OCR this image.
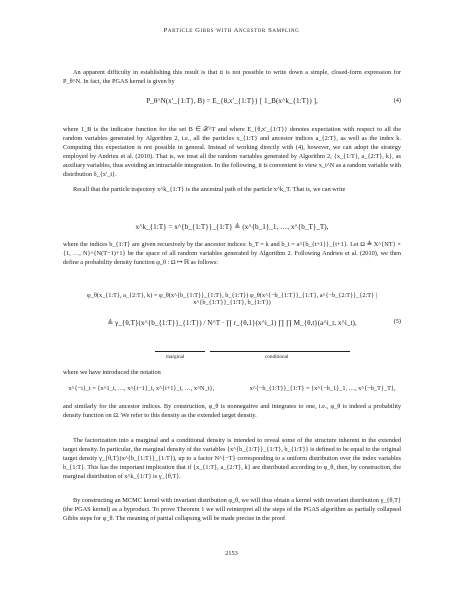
Particle Gibbs with Ancestor Sampling

An apparent difficulty in establishing this result is that it is not possible to write down a simple, closed-form expression for P_θ^N. In fact, the PGAS kernel is given by

P_θ^N(x′_{1:T}, B) = E_{θ,x′_{1:T}} [ 1_B(x^k_{1:T}) ],	(4)

where 1_B is the indicator function for the set B ∈ 𝒳^T and where E_{θ,x′_{1:T}} denotes expectation with respect to all the random variables generated by Algorithm 2, i.e., all the particles x_{1:T} and ancestor indices a_{2:T}, as well as the index k. Computing this expectation is not possible in general. Instead of working directly with (4), however, we can adopt the strategy employed by Andrieu et al. (2010). That is, we treat all the random variables generated by Algorithm 2, {x_{1:T}, a_{2:T}, k}, as auxiliary variables, thus avoiding an intractable integration. In the following, it is convenient to view x_t^N as a random variable with distribution δ_{x′_t}.

Recall that the particle trajectory x^k_{1:T} is the ancestral path of the particle x^k_T. That is, we can write

x^k_{1:T} = x^{b_{1:T}}_{1:T} ≜ (x^{b_1}_1, …, x^{b_T}_T),

where the indices b_{1:T} are given recursively by the ancestor indices: b_T = k and b_t = a^{b_{t+1}}_{t+1}. Let Ω ≜ X^{NT} × {1, …, N}^{N(T−1)+1} be the space of all random variables generated by Algorithm 2. Following Andrieu et al. (2010), we then define a probability density function φ_θ : Ω ↦ ℝ as follows:

φ_θ(x_{1:T}, a_{2:T}, k) = φ_θ(x^{b_{1:T}}_{1:T}, b_{1:T}) φ_θ(x^{−b_{1:T}}_{1:T}, a^{−b_{2:T}}_{2:T} | x^{b_{1:T}}_{1:T}, b_{1:T})
≜ γ_{θ,T}(x^{b_{1:T}}_{1:T}) / N^T · ∏ r_{θ,1}(x^i_1) ∏ ∏ M_{θ,t}(a^i_t, x^i_t),	(5)
marginal	conditional

where we have introduced the notation

x^{−i}_t = {x^1_t, …, x^{i−1}_t, x^{i+1}_t, …, x^N_t},	x^{−b_{1:T}}_{1:T} = {x^{−b_1}_1, …, x^{−b_T}_T},

and similarly for the ancestor indices. By construction, φ_θ is nonnegative and integrates to one, i.e., φ_θ is indeed a probability density function on Ω. We refer to this density as the extended target density.

The factorization into a marginal and a conditional density is intended to reveal some of the structure inherent in the extended target density. In particular, the marginal density of the variables {x^{b_{1:T}}_{1:T}, b_{1:T}} is defined to be equal to the original target density γ_{θ,T}(x^{b_{1:T}}_{1:T}), up to a factor N^{−T} corresponding to a uniform distribution over the index variables b_{1:T}. This has the important implication that if {x_{1:T}, a_{2:T}, k} are distributed according to φ_θ, then, by construction, the marginal distribution of x^k_{1:T} is γ_{θ,T}.

By constructing an MCMC kernel with invariant distribution φ_θ, we will thus obtain a kernel with invariant distribution γ_{θ,T} (the PGAS kernel) as a byproduct. To prove Theorem 1 we will reinterpret all the steps of the PGAS algorithm as partially collapsed Gibbs steps for φ_θ. The meaning of partial collapsing will be made precise in the proof

2153
